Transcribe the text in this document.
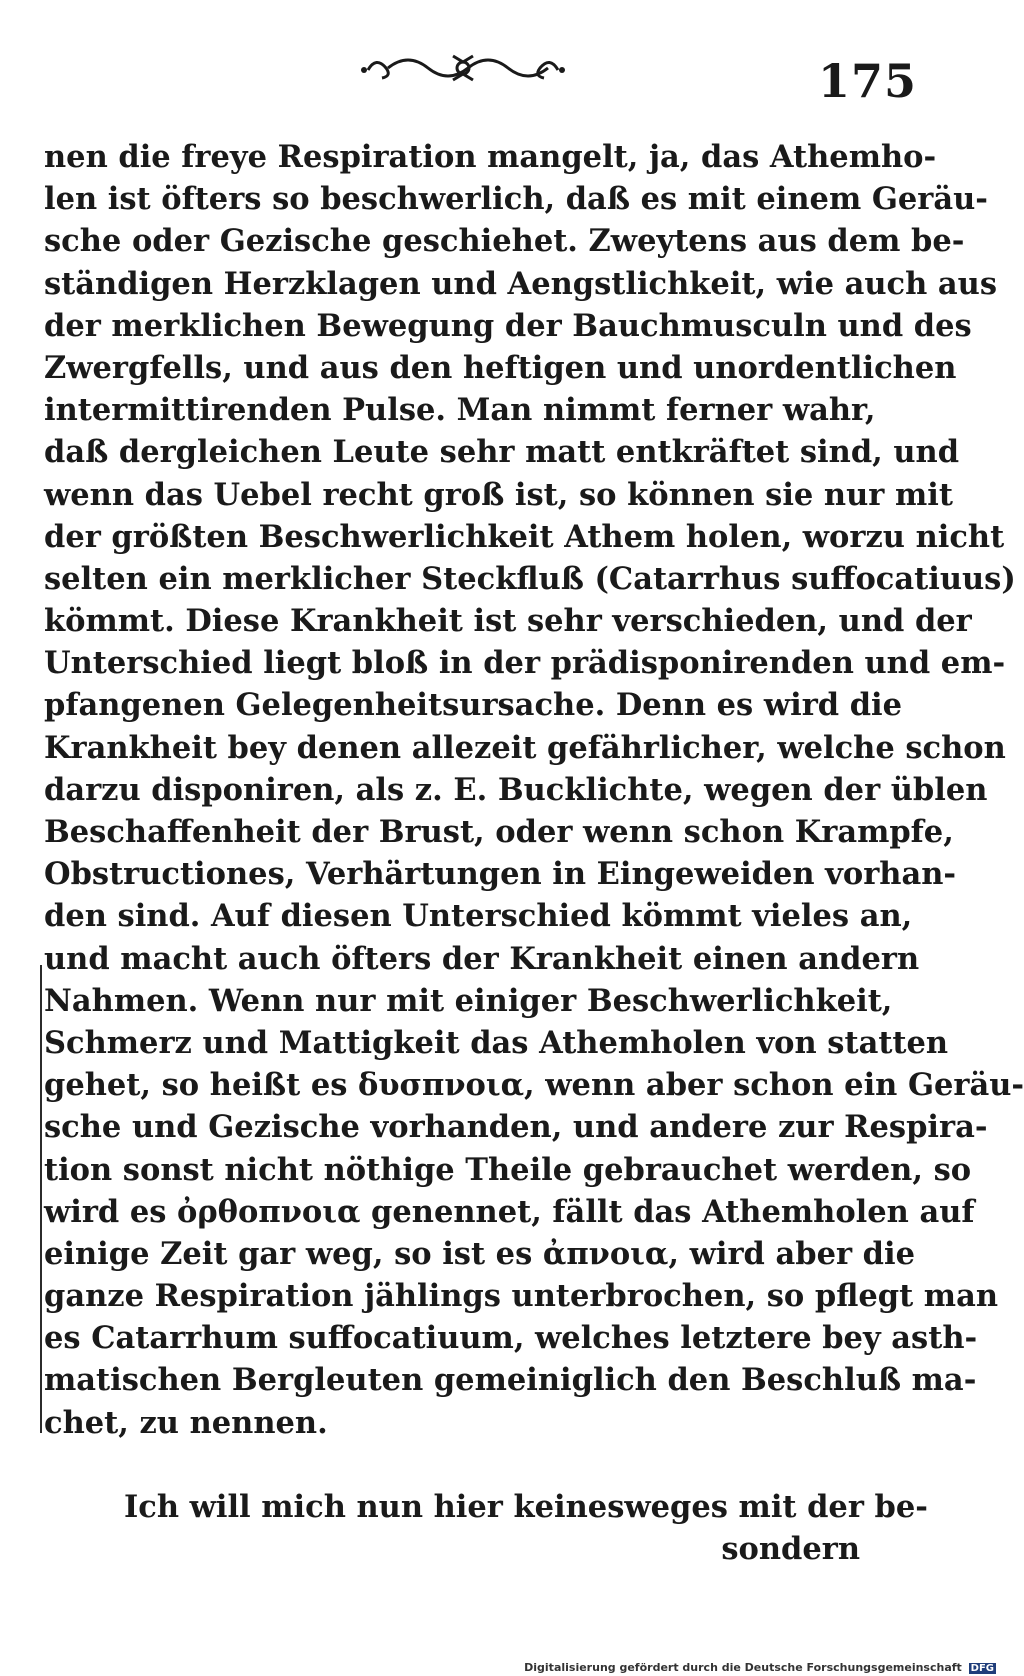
175
nen die freye Respiration mangelt, ja, das Athemho-
len ist öfters so beschwerlich, daß es mit einem Geräu-
sche oder Gezische geschiehet. Zweytens aus dem be-
ständigen Herzklagen und Aengstlichkeit, wie auch aus
der merklichen Bewegung der Bauchmusculn und des
Zwergfells, und aus den heftigen und unordentlichen
intermittirenden Pulse. Man nimmt ferner wahr,
daß dergleichen Leute sehr matt entkräftet sind, und
wenn das Uebel recht groß ist, so können sie nur mit
der größten Beschwerlichkeit Athem holen, worzu nicht
selten ein merklicher Steckfluß (Catarrhus suffocatiuus)
kömmt. Diese Krankheit ist sehr verschieden, und der
Unterschied liegt bloß in der prädisponirenden und em-
pfangenen Gelegenheitsursache. Denn es wird die
Krankheit bey denen allezeit gefährlicher, welche schon
darzu disponiren, als z. E. Bucklichte, wegen der üblen
Beschaffenheit der Brust, oder wenn schon Krampfe,
Obstructiones, Verhärtungen in Eingeweiden vorhan-
den sind. Auf diesen Unterschied kömmt vieles an,
und macht auch öfters der Krankheit einen andern
Nahmen. Wenn nur mit einiger Beschwerlichkeit,
Schmerz und Mattigkeit das Athemholen von statten
gehet, so heißt es δυσπνοια, wenn aber schon ein Geräu-
sche und Gezische vorhanden, und andere zur Respira-
tion sonst nicht nöthige Theile gebrauchet werden, so
wird es ὀρθοπνοια genennet, fällt das Athemholen auf
einige Zeit gar weg, so ist es ἀπνοια, wird aber die
ganze Respiration jählings unterbrochen, so pflegt man
es Catarrhum suffocatiuum, welches letztere bey asth-
matischen Bergleuten gemeiniglich den Beschluß ma-
chet, zu nennen.
Ich will mich nun hier keinesweges mit der be-
sondern
Digitalisierung gefördert durch die Deutsche Forschungsgemeinschaft DFG
